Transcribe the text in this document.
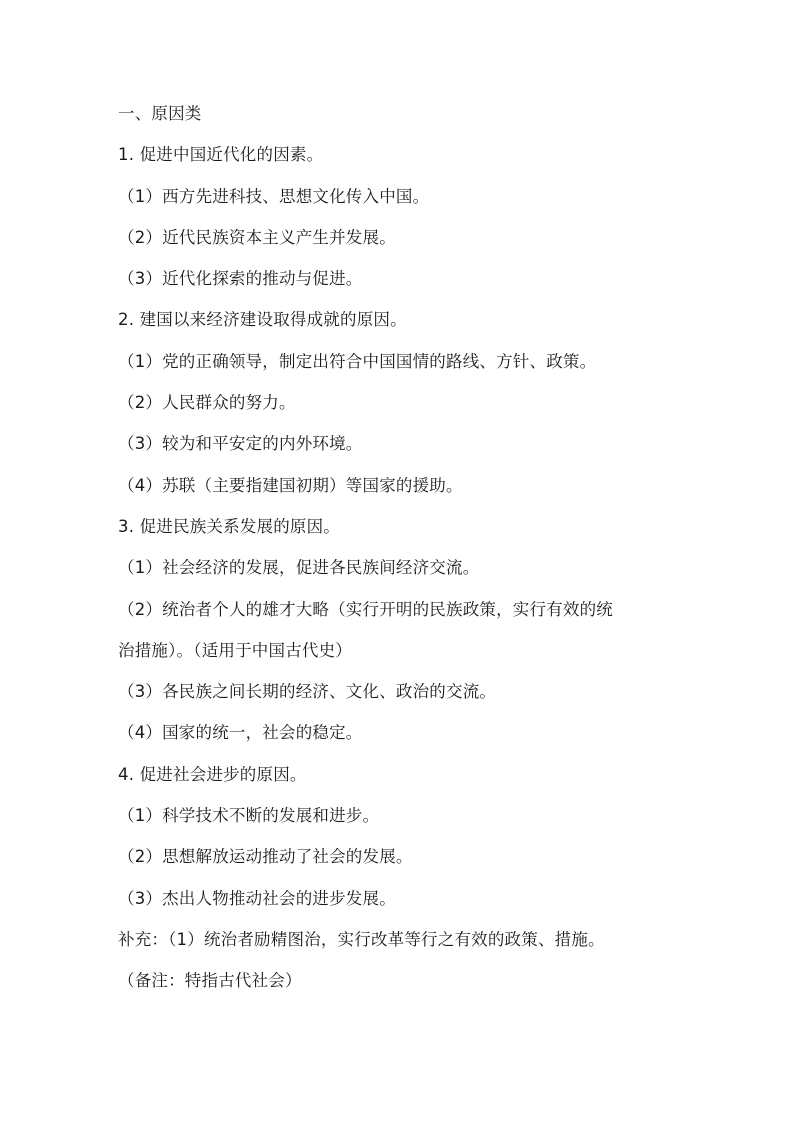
一、原因类
1. 促进中国近代化的因素。
（1）西方先进科技、思想文化传入中国。
（2）近代民族资本主义产生并发展。
（3）近代化探索的推动与促进。
2. 建国以来经济建设取得成就的原因。
（1）党的正确领导，制定出符合中国国情的路线、方针、政策。
（2）人民群众的努力。
（3）较为和平安定的内外环境。
（4）苏联（主要指建国初期）等国家的援助。
3. 促进民族关系发展的原因。
（1）社会经济的发展，促进各民族间经济交流。
（2）统治者个人的雄才大略（实行开明的民族政策，实行有效的统
治措施）。（适用于中国古代史）
（3）各民族之间长期的经济、文化、政治的交流。
（4）国家的统一，社会的稳定。
4. 促进社会进步的原因。
（1）科学技术不断的发展和进步。
（2）思想解放运动推动了社会的发展。
（3）杰出人物推动社会的进步发展。
补充：（1）统治者励精图治，实行改革等行之有效的政策、措施。
（备注：特指古代社会）
